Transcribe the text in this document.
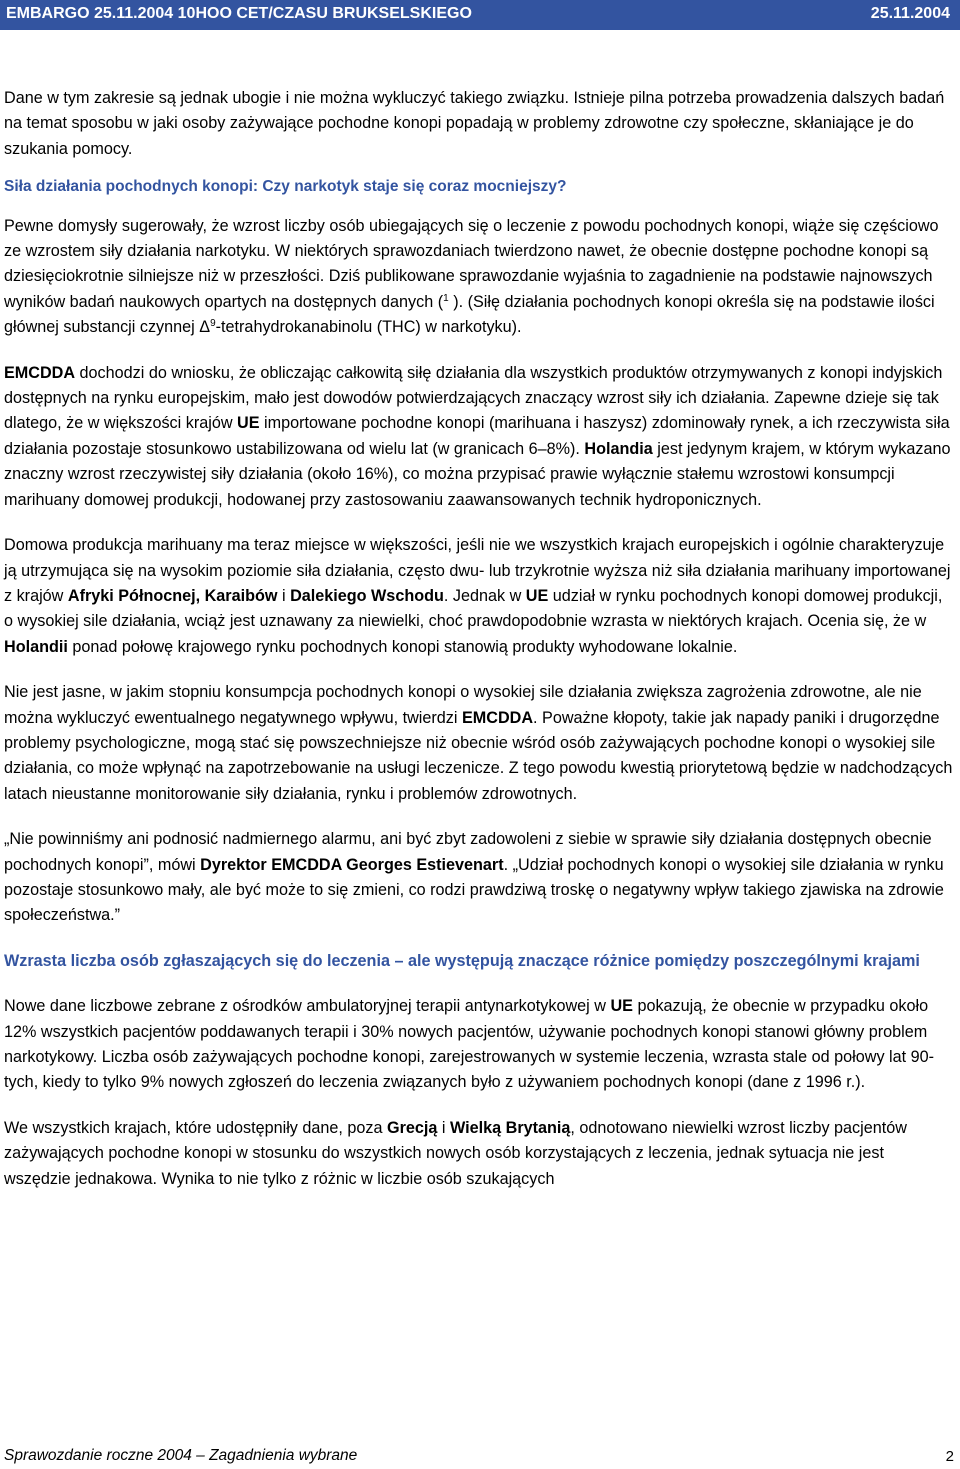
EMBARGO 25.11.2004 10HOO CET/CZASU BRUKSELSKIEGO	25.11.2004

Dane w tym zakresie są jednak ubogie i nie można wykluczyć takiego związku. Istnieje pilna potrzeba prowadzenia dalszych badań na temat sposobu w jaki osoby zażywające pochodne konopi popadają w problemy zdrowotne czy społeczne, skłaniające je do szukania pomocy.

Siła działania pochodnych konopi: Czy narkotyk staje się coraz mocniejszy?

Pewne domysły sugerowały, że wzrost liczby osób ubiegających się o leczenie z powodu pochodnych konopi, wiąże się częściowo ze wzrostem siły działania narkotyku. W niektórych sprawozdaniach twierdzono nawet, że obecnie dostępne pochodne konopi są dziesięciokrotnie silniejsze niż w przeszłości. Dziś publikowane sprawozdanie wyjaśnia to zagadnienie na podstawie najnowszych wyników badań naukowych opartych na dostępnych danych ($^1$ ). (Siłę działania pochodnych konopi określa się na podstawie ilości głównej substancji czynnej $\Delta^9$-tetrahydrokanabinolu (THC) w narkotyku).

EMCDDA dochodzi do wniosku, że obliczając całkowitą siłę działania dla wszystkich produktów otrzymywanych z konopi indyjskich dostępnych na rynku europejskim, mało jest dowodów potwierdzających znaczący wzrost siły ich działania. Zapewne dzieje się tak dlatego, że w większości krajów UE importowane pochodne konopi (marihuana i haszysz) zdominowały rynek, a ich rzeczywista siła działania pozostaje stosunkowo ustabilizowana od wielu lat (w granicach 6–8%). Holandia jest jedynym krajem, w którym wykazano znaczny wzrost rzeczywistej siły działania (około 16%), co można przypisać prawie wyłącznie stałemu wzrostowi konsumpcji marihuany domowej produkcji, hodowanej przy zastosowaniu zaawansowanych technik hydroponicznych.

Domowa produkcja marihuany ma teraz miejsce w większości, jeśli nie we wszystkich krajach europejskich i ogólnie charakteryzuje ją utrzymująca się na wysokim poziomie siła działania, często dwu- lub trzykrotnie wyższa niż siła działania marihuany importowanej z krajów Afryki Północnej, Karaibów i Dalekiego Wschodu. Jednak w UE udział w rynku pochodnych konopi domowej produkcji, o wysokiej sile działania, wciąż jest uznawany za niewielki, choć prawdopodobnie wzrasta w niektórych krajach. Ocenia się, że w Holandii ponad połowę krajowego rynku pochodnych konopi stanowią produkty wyhodowane lokalnie.

Nie jest jasne, w jakim stopniu konsumpcja pochodnych konopi o wysokiej sile działania zwiększa zagrożenia zdrowotne, ale nie można wykluczyć ewentualnego negatywnego wpływu, twierdzi EMCDDA. Poważne kłopoty, takie jak napady paniki i drugorzędne problemy psychologiczne, mogą stać się powszechniejsze niż obecnie wśród osób zażywających pochodne konopi o wysokiej sile działania, co może wpłynąć na zapotrzebowanie na usługi leczenicze. Z tego powodu kwestią priorytetową będzie w nadchodzących latach nieustanne monitorowanie siły działania, rynku i problemów zdrowotnych.

„Nie powinniśmy ani podnosić nadmiernego alarmu, ani być zbyt zadowoleni z siebie w sprawie siły działania dostępnych obecnie pochodnych konopi”, mówi Dyrektor EMCDDA Georges Estievenart. „Udział pochodnych konopi o wysokiej sile działania w rynku pozostaje stosunkowo mały, ale być może to się zmieni, co rodzi prawdziwą troskę o negatywny wpływ takiego zjawiska na zdrowie społeczeństwa.”

Wzrasta liczba osób zgłaszających się do leczenia – ale występują znaczące różnice pomiędzy poszczególnymi krajami

Nowe dane liczbowe zebrane z ośrodków ambulatoryjnej terapii antynarkotykowej w UE pokazują, że obecnie w przypadku około 12% wszystkich pacjentów poddawanych terapii i 30% nowych pacjentów, używanie pochodnych konopi stanowi główny problem narkotykowy. Liczba osób zażywających pochodne konopi, zarejestrowanych w systemie leczenia, wzrasta stale od połowy lat 90-tych, kiedy to tylko 9% nowych zgłoszeń do leczenia związanych było z używaniem pochodnych konopi (dane z 1996 r.).

We wszystkich krajach, które udostępniły dane, poza Grecją i Wielką Brytanią, odnotowano niewielki wzrost liczby pacjentów zażywających pochodne konopi w stosunku do wszystkich nowych osób korzystających z leczenia, jednak sytuacja nie jest wszędzie jednakowa. Wynika to nie tylko z różnic w liczbie osób szukających

Sprawozdanie roczne 2004 – Zagadnienia wybrane	2
